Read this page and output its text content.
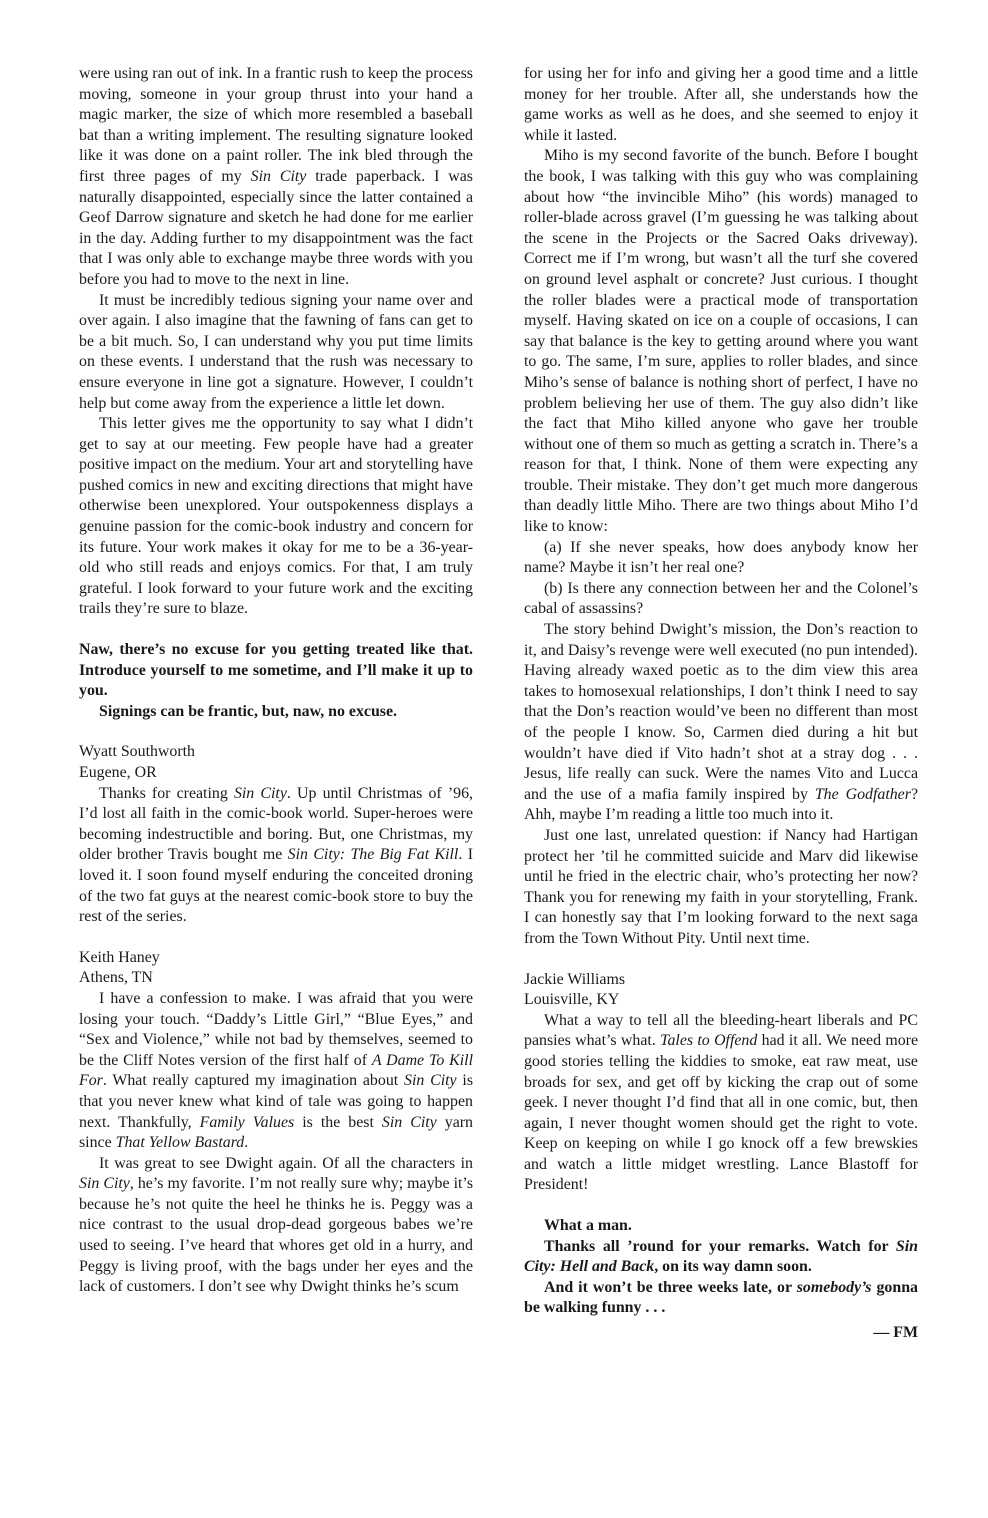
were using ran out of ink. In a frantic rush to keep the process moving, someone in your group thrust into your hand a magic marker, the size of which more resembled a baseball bat than a writing implement. The resulting signature looked like it was done on a paint roller. The ink bled through the first three pages of my Sin City trade paperback. I was naturally disappointed, especially since the latter contained a Geof Darrow signature and sketch he had done for me earlier in the day. Adding further to my disappointment was the fact that I was only able to exchange maybe three words with you before you had to move to the next in line.

It must be incredibly tedious signing your name over and over again. I also imagine that the fawning of fans can get to be a bit much. So, I can understand why you put time limits on these events. I understand that the rush was necessary to ensure everyone in line got a signature. However, I couldn’t help but come away from the experience a little let down.

This letter gives me the opportunity to say what I didn’t get to say at our meeting. Few people have had a greater positive impact on the medium. Your art and storytelling have pushed comics in new and exciting directions that might have otherwise been unexplored. Your outspokenness displays a genuine passion for the comic-book industry and concern for its future. Your work makes it okay for me to be a 36-year-old who still reads and enjoys comics. For that, I am truly grateful. I look forward to your future work and the exciting trails they’re sure to blaze.

Naw, there’s no excuse for you getting treated like that. Introduce yourself to me sometime, and I’ll make it up to you.

Signings can be frantic, but, naw, no excuse.

Wyatt Southworth

Eugene, OR

Thanks for creating Sin City. Up until Christmas of ’96, I’d lost all faith in the comic-book world. Super-heroes were becoming indestructible and boring. But, one Christmas, my older brother Travis bought me Sin City: The Big Fat Kill. I loved it. I soon found myself enduring the conceited droning of the two fat guys at the nearest comic-book store to buy the rest of the series.

Keith Haney

Athens, TN

I have a confession to make. I was afraid that you were losing your touch. “Daddy’s Little Girl,” “Blue Eyes,” and “Sex and Violence,” while not bad by themselves, seemed to be the Cliff Notes version of the first half of A Dame To Kill For. What really captured my imagination about Sin City is that you never knew what kind of tale was going to happen next. Thankfully, Family Values is the best Sin City yarn since That Yellow Bastard.

It was great to see Dwight again. Of all the characters in Sin City, he’s my favorite. I’m not really sure why; maybe it’s because he’s not quite the heel he thinks he is. Peggy was a nice contrast to the usual drop-dead gorgeous babes we’re used to seeing. I’ve heard that whores get old in a hurry, and Peggy is living proof, with the bags under her eyes and the lack of customers. I don’t see why Dwight thinks he’s scum

for using her for info and giving her a good time and a little money for her trouble. After all, she understands how the game works as well as he does, and she seemed to enjoy it while it lasted.

Miho is my second favorite of the bunch. Before I bought the book, I was talking with this guy who was complaining about how “the invincible Miho” (his words) managed to roller-blade across gravel (I’m guessing he was talking about the scene in the Projects or the Sacred Oaks driveway). Correct me if I’m wrong, but wasn’t all the turf she covered on ground level asphalt or concrete? Just curious. I thought the roller blades were a practical mode of transportation myself. Having skated on ice on a couple of occasions, I can say that balance is the key to getting around where you want to go. The same, I’m sure, applies to roller blades, and since Miho’s sense of balance is nothing short of perfect, I have no problem believing her use of them. The guy also didn’t like the fact that Miho killed anyone who gave her trouble without one of them so much as getting a scratch in. There’s a reason for that, I think. None of them were expecting any trouble. Their mistake. They don’t get much more dangerous than deadly little Miho. There are two things about Miho I’d like to know:

(a) If she never speaks, how does anybody know her name? Maybe it isn’t her real one?

(b) Is there any connection between her and the Colonel’s cabal of assassins?

The story behind Dwight’s mission, the Don’s reaction to it, and Daisy’s revenge were well executed (no pun intended). Having already waxed poetic as to the dim view this area takes to homosexual relationships, I don’t think I need to say that the Don’s reaction would’ve been no different than most of the people I know. So, Carmen died during a hit but wouldn’t have died if Vito hadn’t shot at a stray dog . . . Jesus, life really can suck. Were the names Vito and Lucca and the use of a mafia family inspired by The Godfather? Ahh, maybe I’m reading a little too much into it.

Just one last, unrelated question: if Nancy had Hartigan protect her ’til he committed suicide and Marv did likewise until he fried in the electric chair, who’s protecting her now? Thank you for renewing my faith in your storytelling, Frank. I can honestly say that I’m looking forward to the next saga from the Town Without Pity. Until next time.

Jackie Williams

Louisville, KY

What a way to tell all the bleeding-heart liberals and PC pansies what’s what. Tales to Offend had it all. We need more good stories telling the kiddies to smoke, eat raw meat, use broads for sex, and get off by kicking the crap out of some geek. I never thought I’d find that all in one comic, but, then again, I never thought women should get the right to vote. Keep on keeping on while I go knock off a few brewskies and watch a little midget wrestling. Lance Blastoff for President!

What a man.

Thanks all ’round for your remarks. Watch for Sin City: Hell and Back, on its way damn soon.

And it won’t be three weeks late, or somebody’s gonna be walking funny . . .

— FM
